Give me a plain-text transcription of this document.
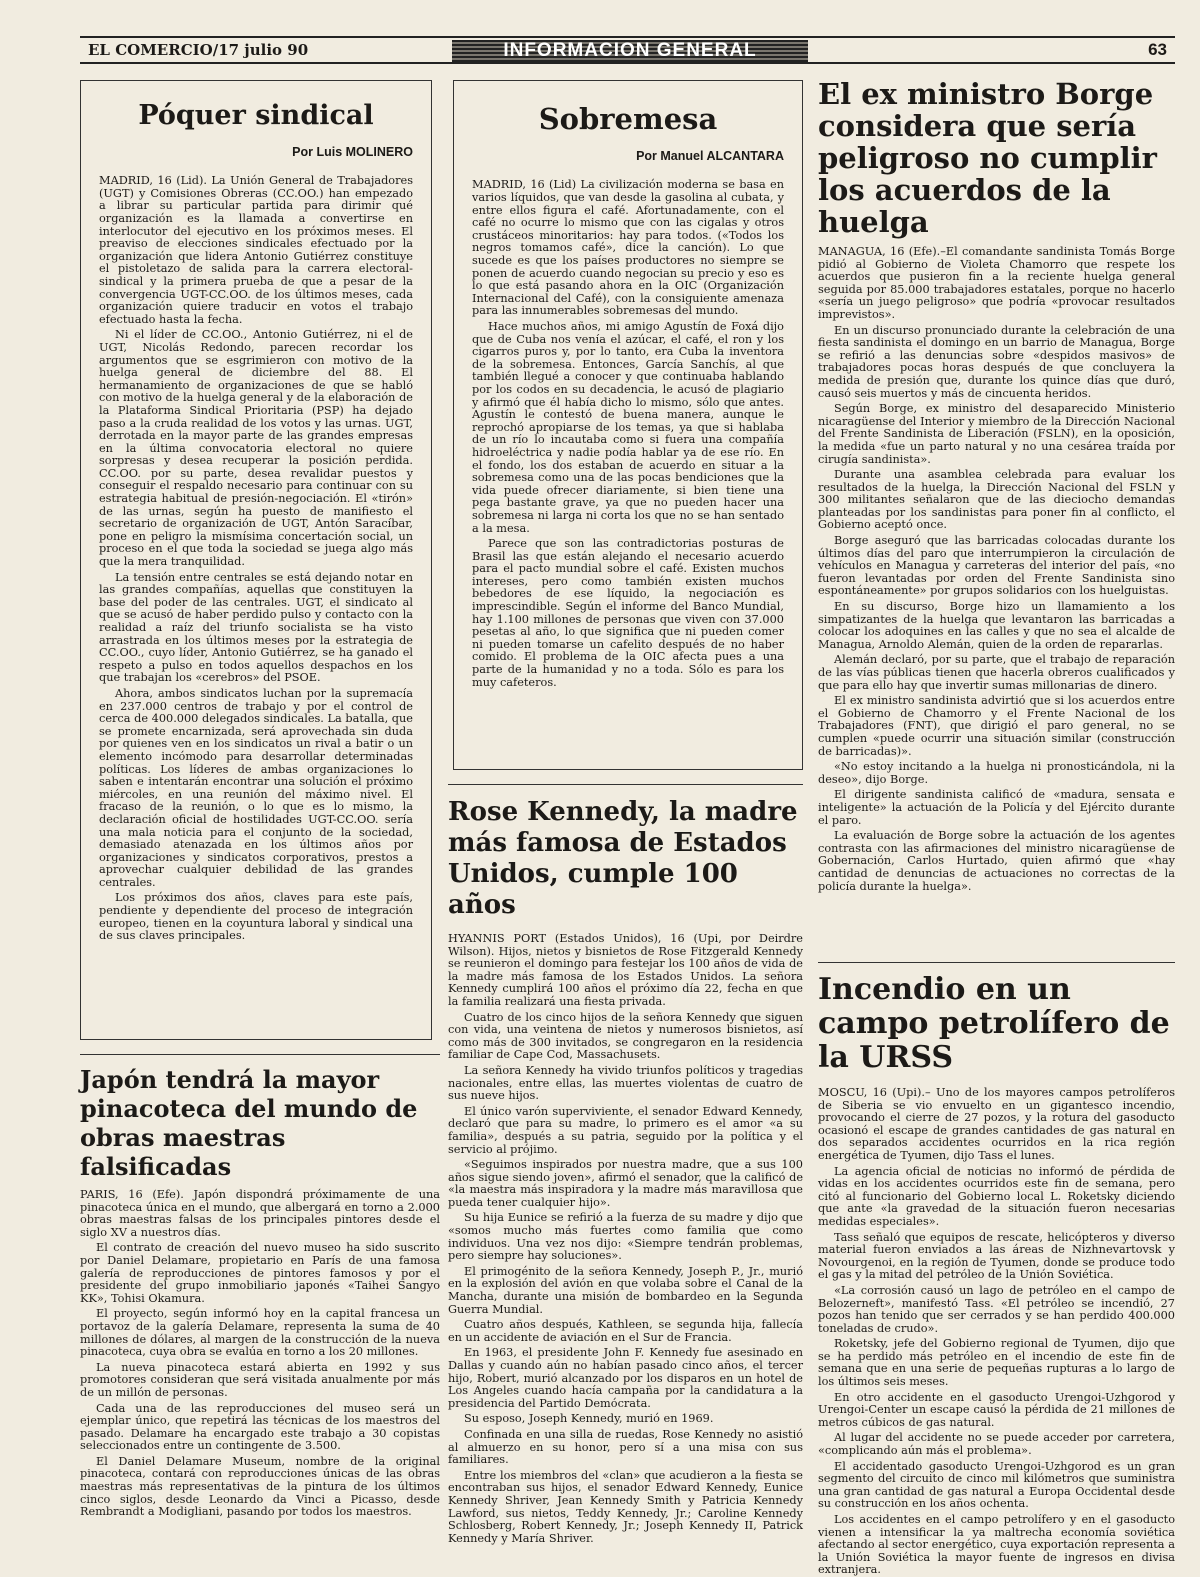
EL COMERCIO/17 julio 90	INFORMACION GENERAL	63
Póquer sindical
Por Luis MOLINERO

MADRID, 16 (Lid). La Unión General de Trabajadores (UGT) y Comisiones Obreras (CC.OO.) han empezado a librar su particular partida para dirimir qué organización es la llamada a convertirse en interlocutor del ejecutivo en los próximos meses. El preaviso de elecciones sindicales efectuado por la organización que lidera Antonio Gutiérrez constituye el pistoletazo de salida para la carrera electoral-sindical y la primera prueba de que a pesar de la convergencia UGT-CC.OO. de los últimos meses, cada organización quiere traducir en votos el trabajo efectuado hasta la fecha.

Ni el líder de CC.OO., Antonio Gutiérrez, ni el de UGT, Nicolás Redondo, parecen recordar los argumentos que se esgrimieron con motivo de la huelga general de diciembre del 88. El hermanamiento de organizaciones de que se habló con motivo de la huelga general y de la elaboración de la Plataforma Sindical Prioritaria (PSP) ha dejado paso a la cruda realidad de los votos y las urnas. UGT, derrotada en la mayor parte de las grandes empresas en la última convocatoria electoral no quiere sorpresas y desea recuperar la posición perdida. CC.OO. por su parte, desea revalidar puestos y conseguir el respaldo necesario para continuar con su estrategia habitual de presión-negociación. El «tirón» de las urnas, según ha puesto de manifiesto el secretario de organización de UGT, Antón Saracíbar, pone en peligro la mismísima concertación social, un proceso en el que toda la sociedad se juega algo más que la mera tranquilidad.

La tensión entre centrales se está dejando notar en las grandes compañías, aquellas que constituyen la base del poder de las centrales. UGT, el sindicato al que se acusó de haber perdido pulso y contacto con la realidad a raíz del triunfo socialista se ha visto arrastrada en los últimos meses por la estrategia de CC.OO., cuyo líder, Antonio Gutiérrez, se ha ganado el respeto a pulso en todos aquellos despachos en los que trabajan los «cerebros» del PSOE.

Ahora, ambos sindicatos luchan por la supremacía en 237.000 centros de trabajo y por el control de cerca de 400.000 delegados sindicales. La batalla, que se promete encarnizada, será aprovechada sin duda por quienes ven en los sindicatos un rival a batir o un elemento incómodo para desarrollar determinadas políticas. Los líderes de ambas organizaciones lo saben e intentarán encontrar una solución el próximo miércoles, en una reunión del máximo nivel. El fracaso de la reunión, o lo que es lo mismo, la declaración oficial de hostilidades UGT-CC.OO. sería una mala noticia para el conjunto de la sociedad, demasiado atenazada en los últimos años por organizaciones y sindicatos corporativos, prestos a aprovechar cualquier debilidad de las grandes centrales.

Los próximos dos años, claves para este país, pendiente y dependiente del proceso de integración europeo, tienen en la coyuntura laboral y sindical una de sus claves principales.

Sobremesa
Por Manuel ALCANTARA

MADRID, 16 (Lid) La civilización moderna se basa en varios líquidos, que van desde la gasolina al cubata, y entre ellos figura el café. Afortunadamente, con el café no ocurre lo mismo que con las cigalas y otros crustáceos minoritarios: hay para todos. («Todos los negros tomamos café», dice la canción). Lo que sucede es que los países productores no siempre se ponen de acuerdo cuando negocian su precio y eso es lo que está pasando ahora en la OIC (Organización Internacional del Café), con la consiguiente amenaza para las innumerables sobremesas del mundo.

Hace muchos años, mi amigo Agustín de Foxá dijo que de Cuba nos venía el azúcar, el café, el ron y los cigarros puros y, por lo tanto, era Cuba la inventora de la sobremesa. Entonces, García Sanchís, al que también llegué a conocer y que continuaba hablando por los codos en su decadencia, le acusó de plagiario y afirmó que él había dicho lo mismo, sólo que antes. Agustín le contestó de buena manera, aunque le reprochó apropiarse de los temas, ya que si hablaba de un río lo incautaba como si fuera una compañía hidroeléctrica y nadie podía hablar ya de ese río. En el fondo, los dos estaban de acuerdo en situar a la sobremesa como una de las pocas bendiciones que la vida puede ofrecer diariamente, si bien tiene una pega bastante grave, ya que no pueden hacer una sobremesa ni larga ni corta los que no se han sentado a la mesa.

Parece que son las contradictorias posturas de Brasil las que están alejando el necesario acuerdo para el pacto mundial sobre el café. Existen muchos intereses, pero como también existen muchos bebedores de ese líquido, la negociación es imprescindible. Según el informe del Banco Mundial, hay 1.100 millones de personas que viven con 37.000 pesetas al año, lo que significa que ni pueden comer ni pueden tomarse un cafelito después de no haber comido. El problema de la OIC afecta pues a una parte de la humanidad y no a toda. Sólo es para los muy cafeteros.

El ex ministro Borge considera que sería peligroso no cumplir los acuerdos de la huelga

MANAGUA, 16 (Efe).–El comandante sandinista Tomás Borge pidió al Gobierno de Violeta Chamorro que respete los acuerdos que pusieron fin a la reciente huelga general seguida por 85.000 trabajadores estatales, porque no hacerlo «sería un juego peligroso» que podría «provocar resultados imprevistos».

En un discurso pronunciado durante la celebración de una fiesta sandinista el domingo en un barrio de Managua, Borge se refirió a las denuncias sobre «despidos masivos» de trabajadores pocas horas después de que concluyera la medida de presión que, durante los quince días que duró, causó seis muertos y más de cincuenta heridos.

Según Borge, ex ministro del desaparecido Ministerio nicaragüense del Interior y miembro de la Dirección Nacional del Frente Sandinista de Liberación (FSLN), en la oposición, la medida «fue un parto natural y no una cesárea traída por cirugía sandinista».

Durante una asamblea celebrada para evaluar los resultados de la huelga, la Dirección Nacional del FSLN y 300 militantes señalaron que de las dieciocho demandas planteadas por los sandinistas para poner fin al conflicto, el Gobierno aceptó once.

Borge aseguró que las barricadas colocadas durante los últimos días del paro que interrumpieron la circulación de vehículos en Managua y carreteras del interior del país, «no fueron levantadas por orden del Frente Sandinista sino espontáneamente» por grupos solidarios con los huelguistas.

En su discurso, Borge hizo un llamamiento a los simpatizantes de la huelga que levantaron las barricadas a colocar los adoquines en las calles y que no sea el alcalde de Managua, Arnoldo Alemán, quien de la orden de repararlas.

Alemán declaró, por su parte, que el trabajo de reparación de las vías públicas tienen que hacerla obreros cualificados y que para ello hay que invertir sumas millonarias de dinero.

El ex ministro sandinista advirtió que si los acuerdos entre el Gobierno de Chamorro y el Frente Nacional de los Trabajadores (FNT), que dirigió el paro general, no se cumplen «puede ocurrir una situación similar (construcción de barricadas)».

«No estoy incitando a la huelga ni pronosticándola, ni la deseo», dijo Borge.

El dirigente sandinista calificó de «madura, sensata e inteligente» la actuación de la Policía y del Ejército durante el paro.

La evaluación de Borge sobre la actuación de los agentes contrasta con las afirmaciones del ministro nicaragüense de Gobernación, Carlos Hurtado, quien afirmó que «hay cantidad de denuncias de actuaciones no correctas de la policía durante la huelga».

Rose Kennedy, la madre más famosa de Estados Unidos, cumple 100 años

HYANNIS PORT (Estados Unidos), 16 (Upi, por Deirdre Wilson). Hijos, nietos y bisnietos de Rose Fitzgerald Kennedy se reunieron el domingo para festejar los 100 años de vida de la madre más famosa de los Estados Unidos. La señora Kennedy cumplirá 100 años el próximo día 22, fecha en que la familia realizará una fiesta privada.

Cuatro de los cinco hijos de la señora Kennedy que siguen con vida, una veintena de nietos y numerosos bisnietos, así como más de 300 invitados, se congregaron en la residencia familiar de Cape Cod, Massachusets.

La señora Kennedy ha vivido triunfos políticos y tragedias nacionales, entre ellas, las muertes violentas de cuatro de sus nueve hijos.

El único varón superviviente, el senador Edward Kennedy, declaró que para su madre, lo primero es el amor «a su familia», después a su patria, seguido por la política y el servicio al prójimo.

«Seguimos inspirados por nuestra madre, que a sus 100 años sigue siendo joven», afirmó el senador, que la calificó de «la maestra más inspiradora y la madre más maravillosa que pueda tener cualquier hijo».

Su hija Eunice se refirió a la fuerza de su madre y dijo que «somos mucho más fuertes como familia que como individuos. Una vez nos dijo: «Siempre tendrán problemas, pero siempre hay soluciones».

El primogénito de la señora Kennedy, Joseph P., Jr., murió en la explosión del avión en que volaba sobre el Canal de la Mancha, durante una misión de bombardeo en la Segunda Guerra Mundial.

Cuatro años después, Kathleen, se segunda hija, fallecía en un accidente de aviación en el Sur de Francia.

En 1963, el presidente John F. Kennedy fue asesinado en Dallas y cuando aún no habían pasado cinco años, el tercer hijo, Robert, murió alcanzado por los disparos en un hotel de Los Angeles cuando hacía campaña por la candidatura a la presidencia del Partido Demócrata.

Su esposo, Joseph Kennedy, murió en 1969.

Confinada en una silla de ruedas, Rose Kennedy no asistió al almuerzo en su honor, pero sí a una misa con sus familiares.

Entre los miembros del «clan» que acudieron a la fiesta se encontraban sus hijos, el senador Edward Kennedy, Eunice Kennedy Shriver, Jean Kennedy Smith y Patricia Kennedy Lawford, sus nietos, Teddy Kennedy, Jr.; Caroline Kennedy Schlosberg, Robert Kennedy, Jr.; Joseph Kennedy II, Patrick Kennedy y María Shriver.

Japón tendrá la mayor pinacoteca del mundo de obras maestras falsificadas

PARIS, 16 (Efe). Japón dispondrá próximamente de una pinacoteca única en el mundo, que albergará en torno a 2.000 obras maestras falsas de los principales pintores desde el siglo XV a nuestros días.

El contrato de creación del nuevo museo ha sido suscrito por Daniel Delamare, propietario en París de una famosa galería de reproducciones de pintores famosos y por el presidente del grupo inmobiliario japonés «Taihei Sangyo KK», Tohisi Okamura.

El proyecto, según informó hoy en la capital francesa un portavoz de la galería Delamare, representa la suma de 40 millones de dólares, al margen de la construcción de la nueva pinacoteca, cuya obra se evalúa en torno a los 20 millones.

La nueva pinacoteca estará abierta en 1992 y sus promotores consideran que será visitada anualmente por más de un millón de personas.

Cada una de las reproducciones del museo será un ejemplar único, que repetirá las técnicas de los maestros del pasado. Delamare ha encargado este trabajo a 30 copistas seleccionados entre un contingente de 3.500.

El Daniel Delamare Museum, nombre de la original pinacoteca, contará con reproducciones únicas de las obras maestras más representativas de la pintura de los últimos cinco siglos, desde Leonardo da Vinci a Picasso, desde Rembrandt a Modigliani, pasando por todos los maestros.

Incendio en un campo petrolífero de la URSS

MOSCU, 16 (Upi).– Uno de los mayores campos petrolíferos de Siberia se vio envuelto en un gigantesco incendio, provocando el cierre de 27 pozos, y la rotura del gasoducto ocasionó el escape de grandes cantidades de gas natural en dos separados accidentes ocurridos en la rica región energética de Tyumen, dijo Tass el lunes.

La agencia oficial de noticias no informó de pérdida de vidas en los accidentes ocurridos este fin de semana, pero citó al funcionario del Gobierno local L. Roketsky diciendo que ante «la gravedad de la situación fueron necesarias medidas especiales».

Tass señaló que equipos de rescate, helicópteros y diverso material fueron enviados a las áreas de Nizhnevartovsk y Novourgenoi, en la región de Tyumen, donde se produce todo el gas y la mitad del petróleo de la Unión Soviética.

«La corrosión causó un lago de petróleo en el campo de Belozerneft», manifestó Tass. «El petróleo se incendió, 27 pozos han tenido que ser cerrados y se han perdido 400.000 toneladas de crudo».

Roketsky, jefe del Gobierno regional de Tyumen, dijo que se ha perdido más petróleo en el incendio de este fin de semana que en una serie de pequeñas rupturas a lo largo de los últimos seis meses.

En otro accidente en el gasoducto Urengoi-Uzhgorod y Urengoi-Center un escape causó la pérdida de 21 millones de metros cúbicos de gas natural.

Al lugar del accidente no se puede acceder por carretera, «complicando aún más el problema».

El accidentado gasoducto Urengoi-Uzhgorod es un gran segmento del circuito de cinco mil kilómetros que suministra una gran cantidad de gas natural a Europa Occidental desde su construcción en los años ochenta.

Los accidentes en el campo petrolífero y en el gasoducto vienen a intensificar la ya maltrecha economía soviética afectando al sector energético, cuya exportación representa a la Unión Soviética la mayor fuente de ingresos en divisa extranjera.
